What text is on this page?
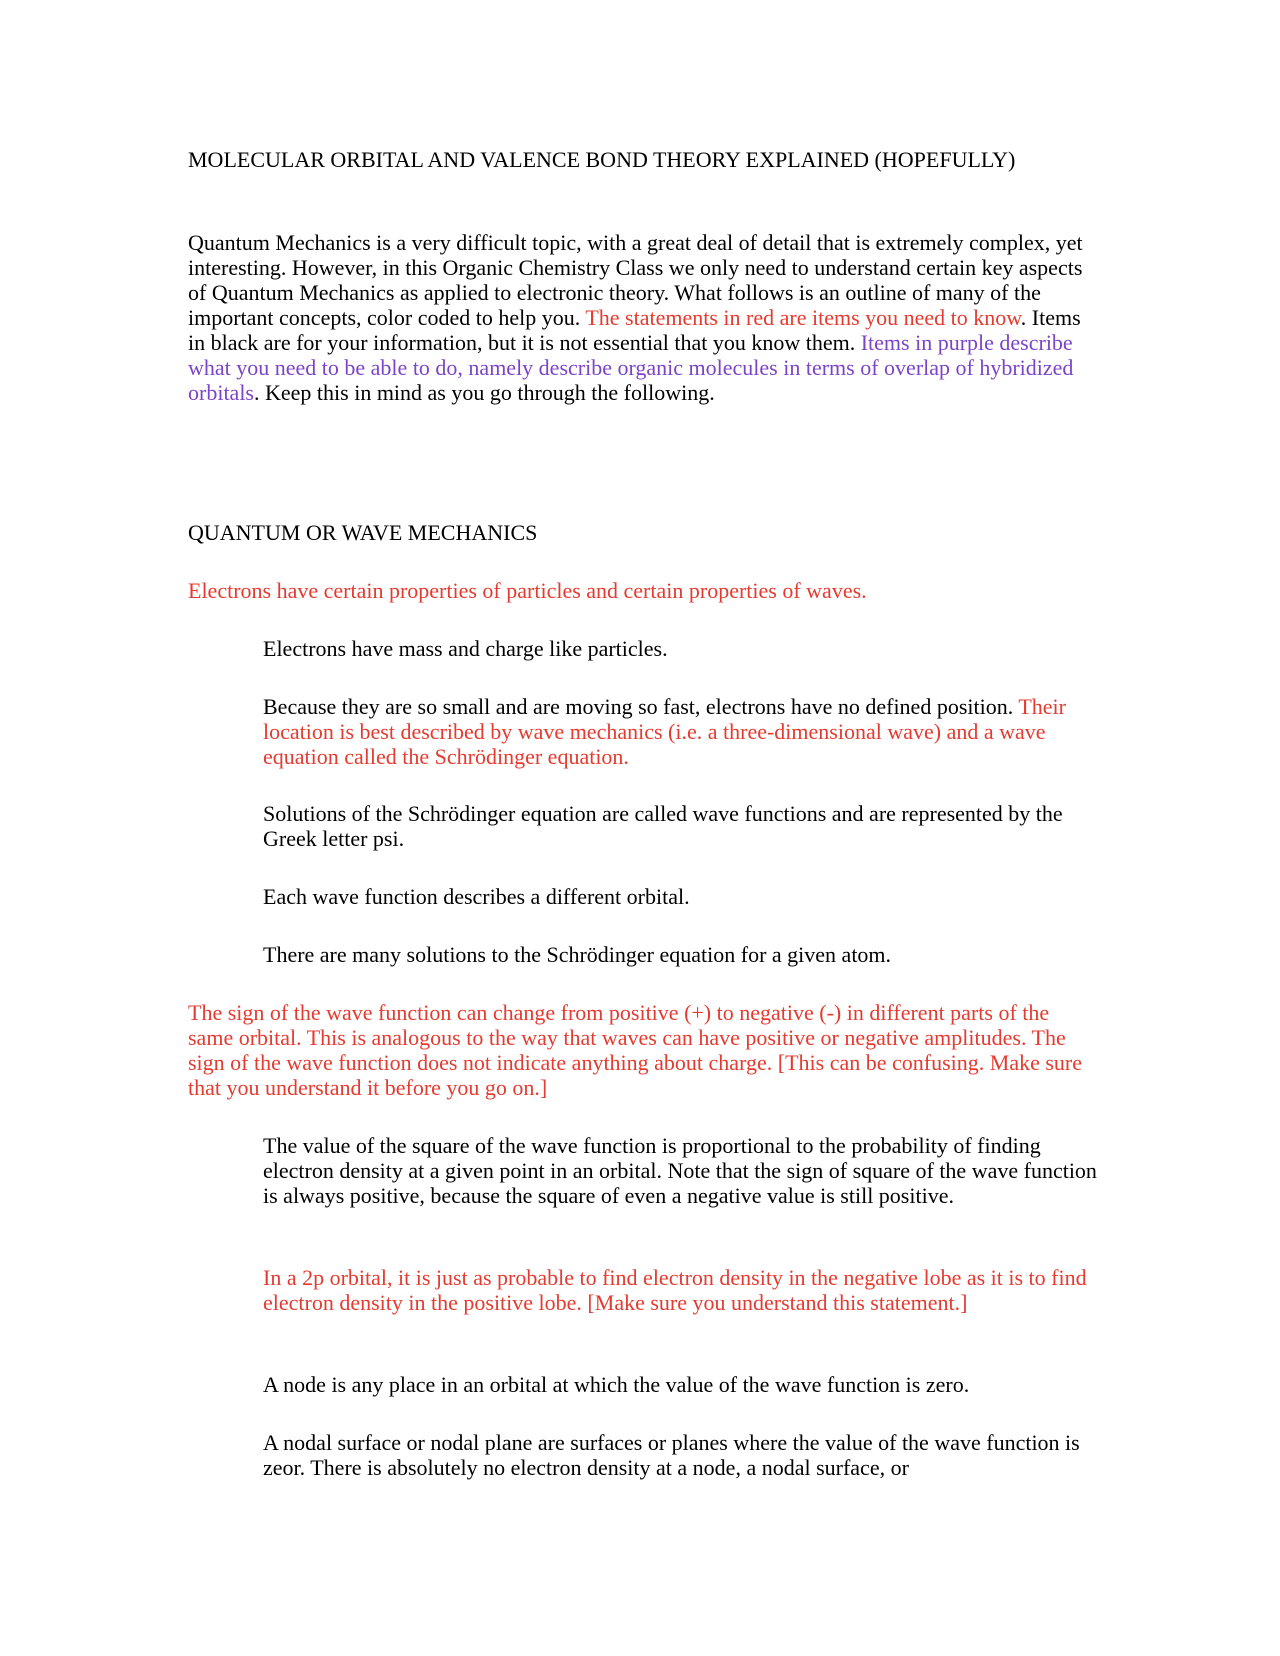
MOLECULAR ORBITAL AND VALENCE BOND THEORY EXPLAINED (HOPEFULLY)

Quantum Mechanics is a very difficult topic, with a great deal of detail that is extremely complex, yet interesting. However, in this Organic Chemistry Class we only need to understand certain key aspects of Quantum Mechanics as applied to electronic theory. What follows is an outline of many of the important concepts, color coded to help you. The statements in red are items you need to know. Items in black are for your information, but it is not essential that you know them. Items in purple describe what you need to be able to do, namely describe organic molecules in terms of overlap of hybridized orbitals. Keep this in mind as you go through the following.

QUANTUM OR WAVE MECHANICS

Electrons have certain properties of particles and certain properties of waves.

Electrons have mass and charge like particles.

Because they are so small and are moving so fast, electrons have no defined position. Their location is best described by wave mechanics (i.e. a three-dimensional wave) and a wave equation called the Schrödinger equation.

Solutions of the Schrödinger equation are called wave functions and are represented by the Greek letter psi.

Each wave function describes a different orbital.

There are many solutions to the Schrödinger equation for a given atom.

The sign of the wave function can change from positive (+) to negative (-) in different parts of the same orbital. This is analogous to the way that waves can have positive or negative amplitudes. The sign of the wave function does not indicate anything about charge. [This can be confusing. Make sure that you understand it before you go on.]

The value of the square of the wave function is proportional to the probability of finding electron density at a given point in an orbital. Note that the sign of square of the wave function is always positive, because the square of even a negative value is still positive.

In a 2p orbital, it is just as probable to find electron density in the negative lobe as it is to find electron density in the positive lobe. [Make sure you understand this statement.]

A node is any place in an orbital at which the value of the wave function is zero.

A nodal surface or nodal plane are surfaces or planes where the value of the wave function is zeor. There is absolutely no electron density at a node, a nodal surface, or
